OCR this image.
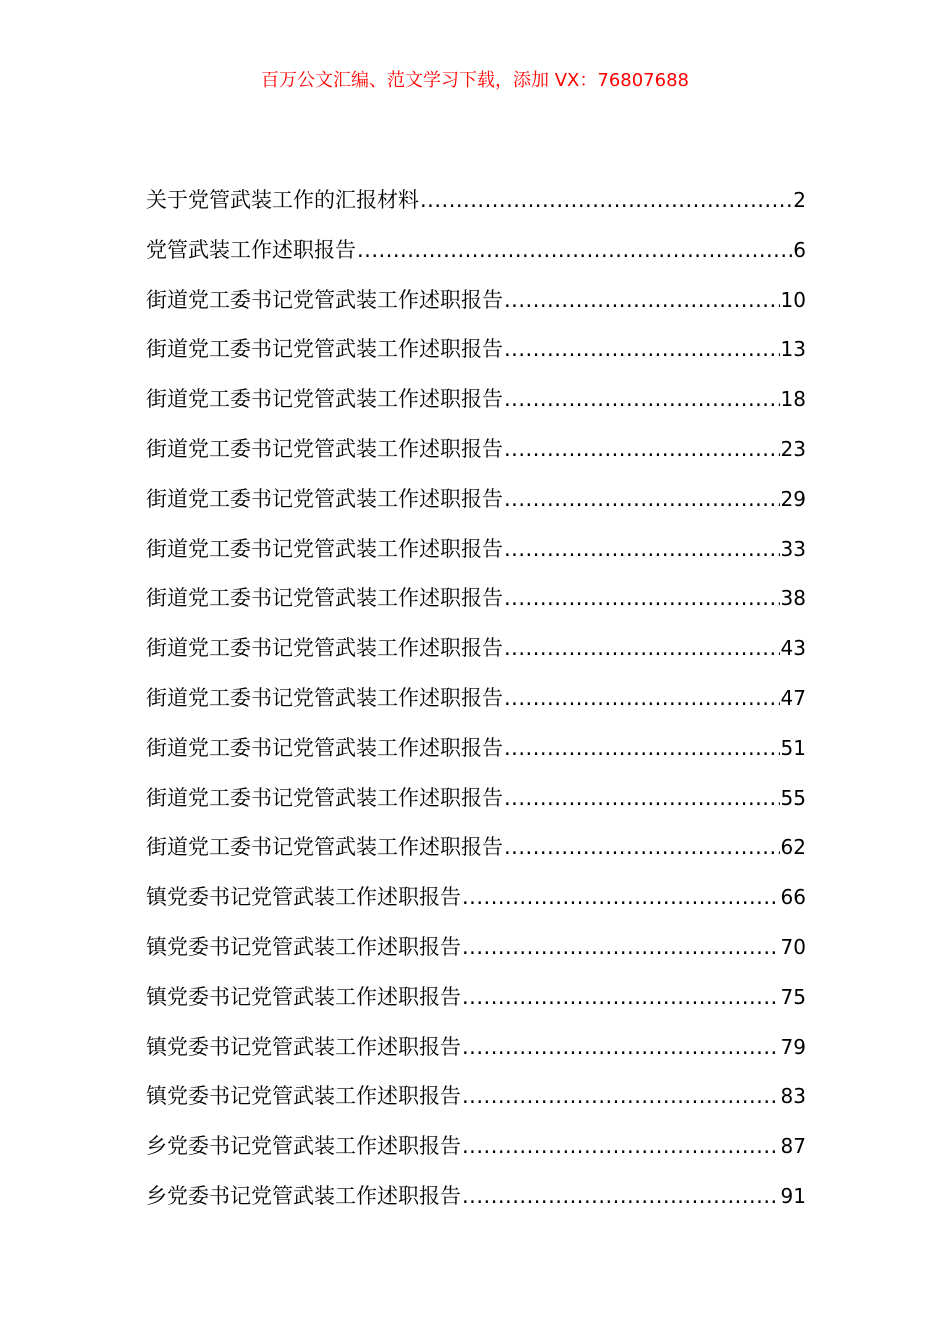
百万公文汇编、范文学习下载，添加 VX：76807688
关于党管武装工作的汇报材料 .....	2
党管武装工作述职报告 .....	6
街道党工委书记党管武装工作述职报告 .....	10
街道党工委书记党管武装工作述职报告 .....	13
街道党工委书记党管武装工作述职报告 .....	18
街道党工委书记党管武装工作述职报告 .....	23
街道党工委书记党管武装工作述职报告 .....	29
街道党工委书记党管武装工作述职报告 .....	33
街道党工委书记党管武装工作述职报告 .....	38
街道党工委书记党管武装工作述职报告 .....	43
街道党工委书记党管武装工作述职报告 .....	47
街道党工委书记党管武装工作述职报告 .....	51
街道党工委书记党管武装工作述职报告 .....	55
街道党工委书记党管武装工作述职报告 .....	62
镇党委书记党管武装工作述职报告 .....	66
镇党委书记党管武装工作述职报告 .....	70
镇党委书记党管武装工作述职报告 .....	75
镇党委书记党管武装工作述职报告 .....	79
镇党委书记党管武装工作述职报告 .....	83
乡党委书记党管武装工作述职报告 .....	87
乡党委书记党管武装工作述职报告 .....	91
